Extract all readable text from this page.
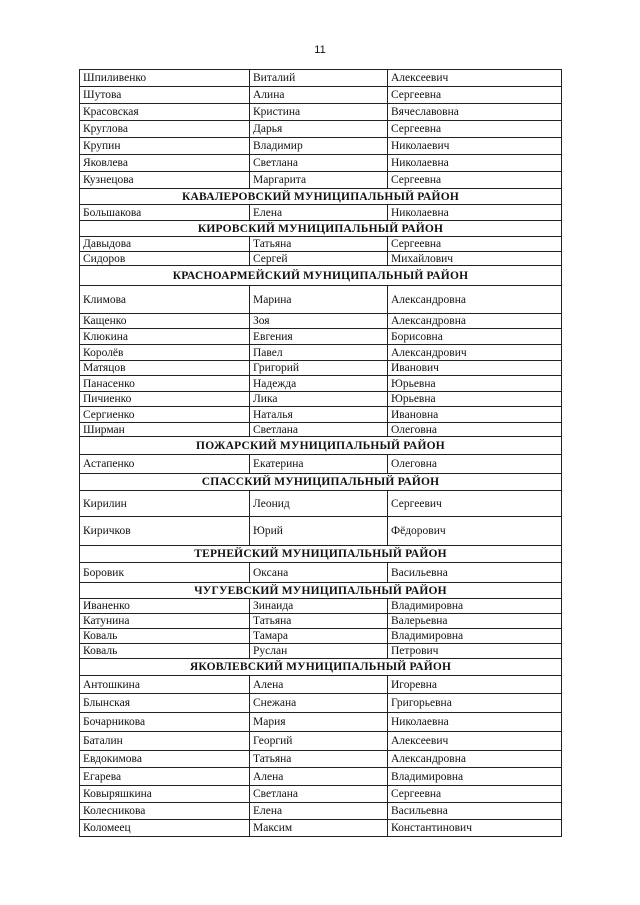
11
Шпиливенко	Виталий	Алексеевич
Шутова	Алина	Сергеевна
Красовская	Кристина	Вячеславовна
Круглова	Дарья	Сергеевна
Крупин	Владимир	Николаевич
Яковлева	Светлана	Николаевна
Кузнецова	Маргарита	Сергеевна
КАВАЛЕРОВСКИЙ МУНИЦИПАЛЬНЫЙ РАЙОН		
Большакова	Елена	Николаевна
КИРОВСКИЙ МУНИЦИПАЛЬНЫЙ РАЙОН		
Давыдова	Татьяна	Сергеевна
Сидоров	Сергей	Михайлович
КРАСНОАРМЕЙСКИЙ МУНИЦИПАЛЬНЫЙ РАЙОН		
Климова	Марина	Александровна
Кащенко	Зоя	Александровна
Клюкина	Евгения	Борисовна
Королёв	Павел	Александрович
Матяцов	Григорий	Иванович
Панасенко	Надежда	Юрьевна
Пичиенко	Лика	Юрьевна
Сергиенко	Наталья	Ивановна
Ширман	Светлана	Олеговна
ПОЖАРСКИЙ МУНИЦИПАЛЬНЫЙ РАЙОН		
Астапенко	Екатерина	Олеговна
СПАССКИЙ МУНИЦИПАЛЬНЫЙ РАЙОН		
Кирилин	Леонид	Сергеевич
Киричков	Юрий	Фёдорович
ТЕРНЕЙСКИЙ МУНИЦИПАЛЬНЫЙ РАЙОН		
Боровик	Оксана	Васильевна
ЧУГУЕВСКИЙ МУНИЦИПАЛЬНЫЙ РАЙОН		
Иваненко	Зинаида	Владимировна
Катунина	Татьяна	Валерьевна
Коваль	Тамара	Владимировна
Коваль	Руслан	Петрович
ЯКОВЛЕВСКИЙ МУНИЦИПАЛЬНЫЙ РАЙОН		
Антошкина	Алена	Игоревна
Блынская	Снежана	Григорьевна
Бочарникова	Мария	Николаевна
Баталин	Георгий	Алексеевич
Евдокимова	Татьяна	Александровна
Егарева	Алена	Владимировна
Ковыряшкина	Светлана	Сергеевна
Колесникова	Елена	Васильевна
Коломеец	Максим	Константинович
